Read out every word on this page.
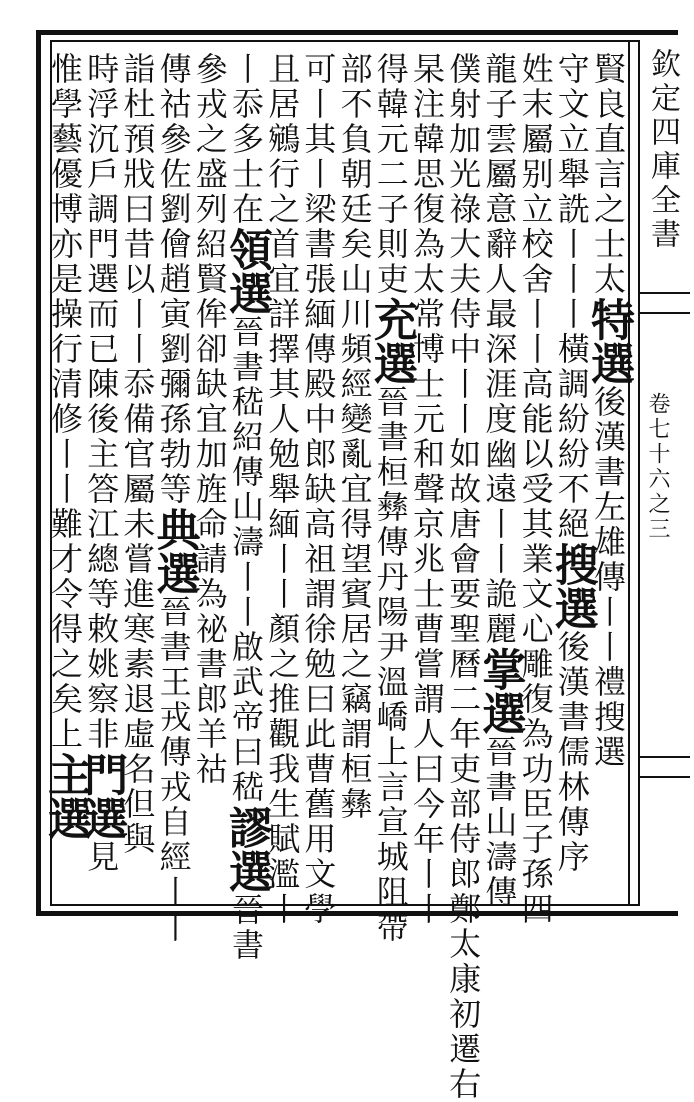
欽定四庫全書
卷七十六之三
賢良直言之士太特選後漢書左雄傳丨丨禮搜選
守文立舉詵丨丨丨橫調紛紛不絕搜選後漢書儒林傳序
姓末屬别立校舍丨丨高能以受其業文心雕復為功臣子孫四
龍子雲屬意辭人最深涯度幽遠丨丨詭麗掌選晉書山濤傳
僕射加光祿大夫侍中丨丨如故唐會要聖曆二年吏部侍郎鄭太康初遷右
杲注韓思復為太常博士元和聲京兆士曹嘗謂人曰今年丨丨
得韓元二子則吏充選晉書桓彝傳丹陽尹溫嶠上言宣城阻帶
部不負朝廷矣山川頻經變亂宜得望賓居之竊謂桓彝
可丨其丨梁書張緬傳殿中郎缺高祖謂徐勉曰此曹舊用文學
且居鵷行之首宜詳擇其人勉舉緬丨丨顏之推觀我生賦濫丨
丨忝多士在領選晉書嵇紹傳山濤丨丨啟武帝曰嵇謬選晉書
參戎之盛列紹賢侔卻缺宜加旌命請為祕書郎羊祜
傳祜參佐劉儈趙寅劉彌孫勃等典選晉書王戎傳戎自經丨丨
詣杜預戕曰昔以丨丨忝備官屬未嘗進寒素退虛名但與
時浮沉戶調門選而已陳後主答江總等敕姚察非門選見
惟學藝優博亦是操行清修丨丨難才令得之矣上主選
